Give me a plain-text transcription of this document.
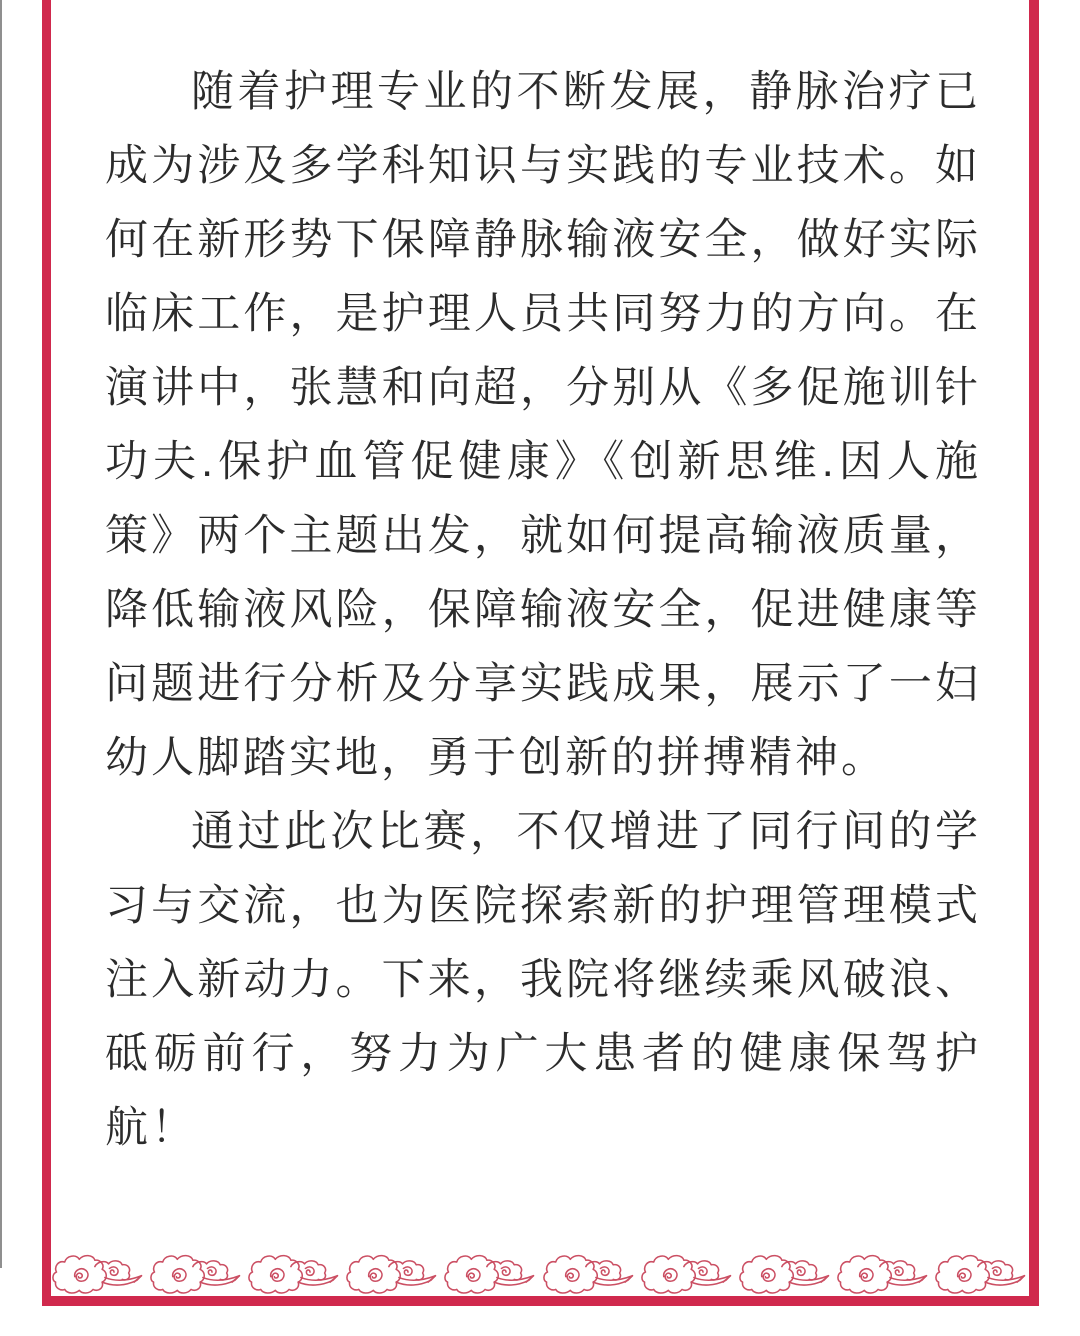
随着护理专业的不断发展，静脉治疗已成为涉及多学科知识与实践的专业技术。如何在新形势下保障静脉输液安全，做好实际临床工作，是护理人员共同努力的方向。在演讲中，张慧和向超，分别从《多促施训针功夫.保护血管促健康》《创新思维.因人施策》两个主题出发，就如何提高输液质量，降低输液风险，保障输液安全，促进健康等问题进行分析及分享实践成果，展示了一妇幼人脚踏实地，勇于创新的拼搏精神。

通过此次比赛，不仅增进了同行间的学习与交流，也为医院探索新的护理管理模式注入新动力。下来，我院将继续乘风破浪、砥砺前行，努力为广大患者的健康保驾护航！
